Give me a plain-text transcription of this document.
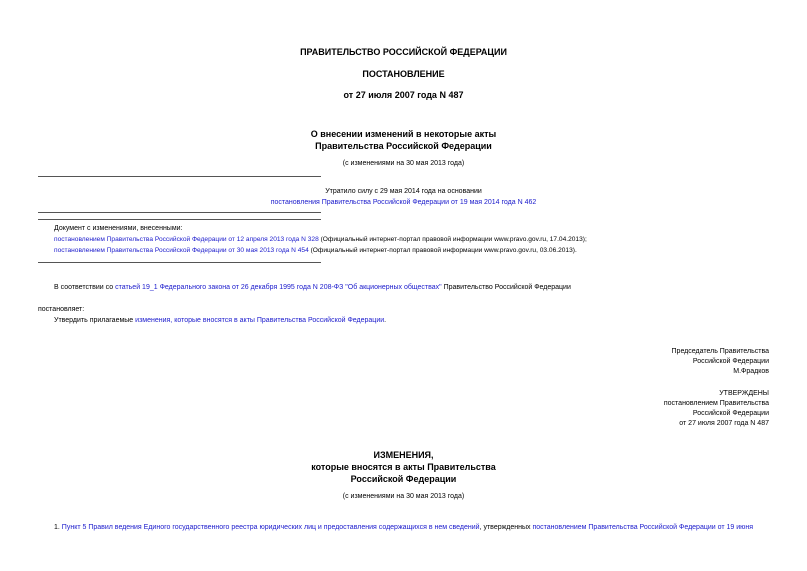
ПРАВИТЕЛЬСТВО РОССИЙСКОЙ ФЕДЕРАЦИИ
ПОСТАНОВЛЕНИЕ
от 27 июля 2007 года N 487
О внесении изменений в некоторые акты
Правительства Российской Федерации
(с изменениями на 30 мая 2013 года)
Утратило силу с 29 мая 2014 года на основании
постановления Правительства Российской Федерации от 19 мая 2014 года N 462
Документ с изменениями, внесенными:
постановлением Правительства Российской Федерации от 12 апреля 2013 года N 328 (Официальный интернет-портал правовой информации www.pravo.gov.ru, 17.04.2013);
постановлением Правительства Российской Федерации от 30 мая 2013 года N 454 (Официальный интернет-портал правовой информации www.pravo.gov.ru, 03.06.2013).
В соответствии со статьей 19_1 Федерального закона от 26 декабря 1995 года N 208-ФЗ "Об акционерных обществах" Правительство Российской Федерации
постановляет:
Утвердить прилагаемые изменения, которые вносятся в акты Правительства Российской Федерации.
Председатель Правительства
Российской Федерации
М.Фрадков
УТВЕРЖДЕНЫ
постановлением Правительства
Российской Федерации
от 27 июля 2007 года N 487
ИЗМЕНЕНИЯ,
которые вносятся в акты Правительства
Российской Федерации
(с изменениями на 30 мая 2013 года)
1. Пункт 5 Правил ведения Единого государственного реестра юридических лиц и предоставления содержащихся в нем сведений, утвержденных постановлением Правительства Российской Федерации от 19 июня
